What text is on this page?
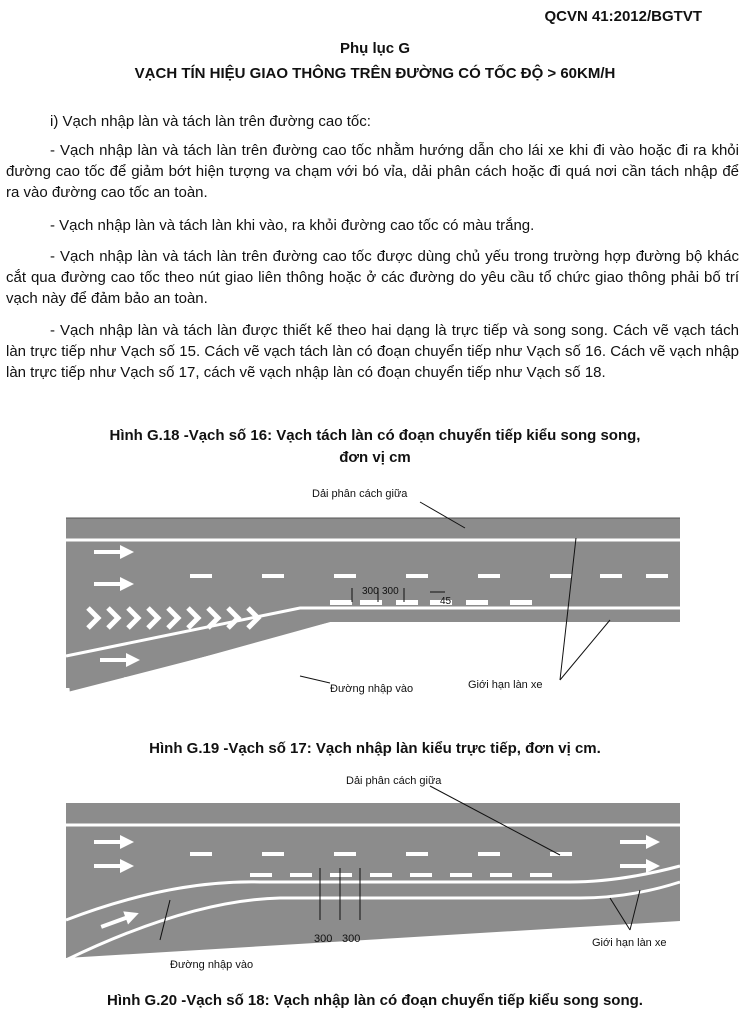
QCVN 41:2012/BGTVT
Phụ lục G
VẠCH TÍN HIỆU GIAO THÔNG TRÊN ĐƯỜNG CÓ TỐC ĐỘ > 60KM/H
i) Vạch nhập làn và tách làn trên đường cao tốc:
- Vạch nhập làn và tách làn trên đường cao tốc nhằm hướng dẫn cho lái xe khi đi vào hoặc đi ra khỏi đường cao tốc để giảm bớt hiện tượng va chạm với bó vỉa, dải phân cách hoặc đi quá nơi cần tách nhập để ra vào đường cao tốc an toàn.
- Vạch nhập làn và tách làn khi vào, ra khỏi đường cao tốc có màu trắng.
- Vạch nhập làn và tách làn trên đường cao tốc được dùng chủ yếu trong trường hợp đường bộ khác cắt qua đường cao tốc theo nút giao liên thông hoặc ở các đường do yêu cầu tổ chức giao thông phải bố trí vạch này để đảm bảo an toàn.
- Vạch nhập làn và tách làn được thiết kế theo hai dạng là trực tiếp và song song. Cách vẽ vạch tách làn trực tiếp như Vạch số 15. Cách vẽ vạch tách làn có đoạn chuyển tiếp như Vạch số 16. Cách vẽ vạch nhập làn trực tiếp như Vạch số 17, cách vẽ vạch nhập làn có đoạn chuyển tiếp như Vạch số 18.
Hình G.18 -Vạch số 16: Vạch tách làn có đoạn chuyển tiếp kiểu song song,
đơn vị cm
Dải phân cách giữa
300 300
45
Đường nhập vào	Giới hạn làn xe
Hình G.19 -Vạch số 17: Vạch nhập làn kiểu trực tiếp, đơn vị cm.
Dải phân cách giữa
300 300
Đường nhập vào
Giới hạn làn xe
Hình G.20 -Vạch số 18: Vạch nhập làn có đoạn chuyển tiếp kiểu song song.
